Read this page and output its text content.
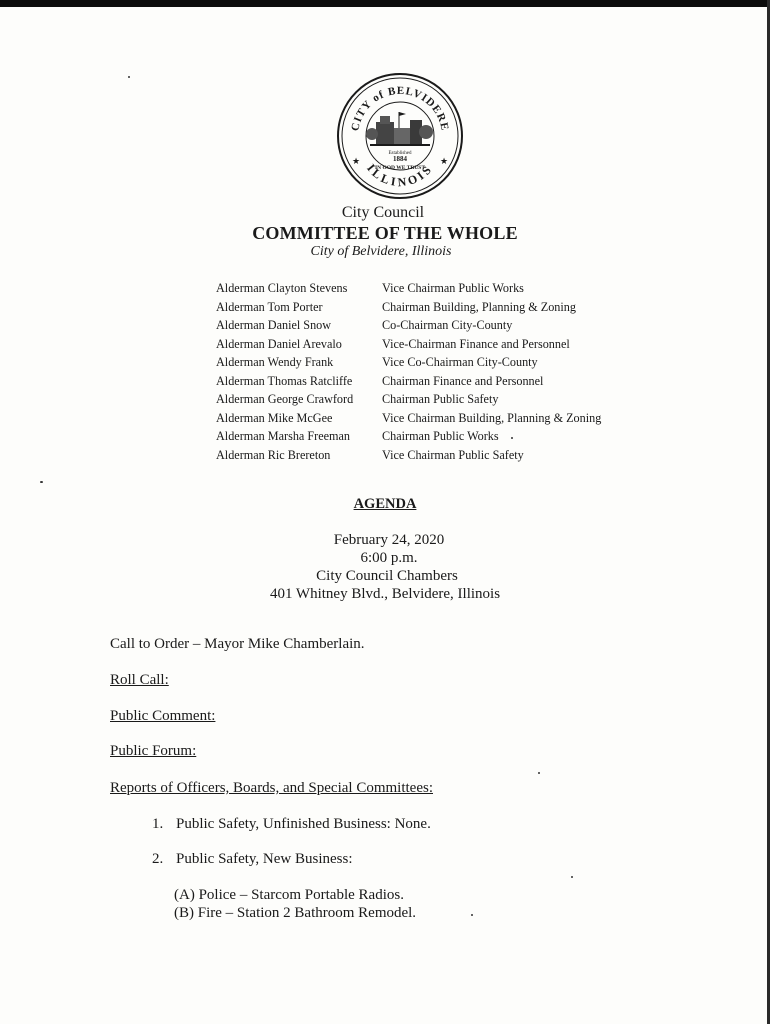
CITY of BELVIDERE
ILLINOIS
Established
1884
IN GOD WE TRUST
★	★
City Council
COMMITTEE OF THE WHOLE
City of Belvidere, Illinois
Alderman Clayton Stevens	Vice Chairman Public Works
Alderman Tom Porter	Chairman Building, Planning & Zoning
Alderman Daniel Snow	Co-Chairman City-County
Alderman Daniel Arevalo	Vice-Chairman Finance and Personnel
Alderman Wendy Frank	Vice Co-Chairman City-County
Alderman Thomas Ratcliffe	Chairman Finance and Personnel
Alderman George Crawford	Chairman Public Safety
Alderman Mike McGee	Vice Chairman Building, Planning & Zoning
Alderman Marsha Freeman	Chairman Public Works
Alderman Ric Brereton	Vice Chairman Public Safety
AGENDA
February 24, 2020
6:00 p.m.
City Council Chambers
401 Whitney Blvd., Belvidere, Illinois
Call to Order – Mayor Mike Chamberlain.
Roll Call:
Public Comment:
Public Forum:
Reports of Officers, Boards, and Special Committees:
1. Public Safety, Unfinished Business: None.
2. Public Safety, New Business:
(A) Police – Starcom Portable Radios.
(B) Fire – Station 2 Bathroom Remodel.
